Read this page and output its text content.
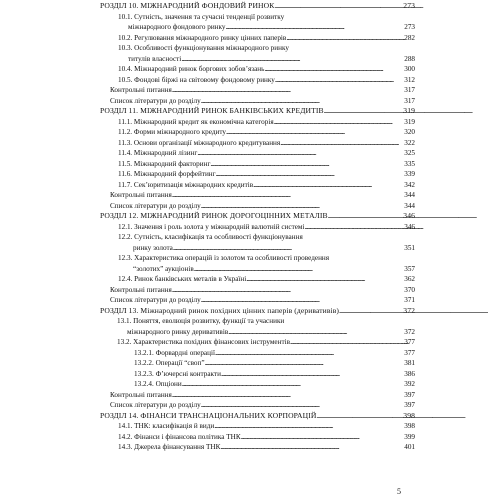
РОЗДІЛ 10. МІЖНАРОДНИЙ ФОНДОВИЙ РИНОК . . .	273
10.1. Сутність, значення та сучасні тенденції розвитку
міжнародного фондового ринку . . .	273
10.2. Регулювання міжнародного ринку цінних паперів . . .	282
10.3. Особливості функціонування міжнародного ринку
титулів власності . . .	288
10.4. Міжнародний ринок боргових зобов’язань . . .	300
10.5. Фондові біржі на світовому фондовому ринку . . .	312
Контрольні питання . . .	317
Список літератури до розділу . . .	317
РОЗДІЛ 11. МІЖНАРОДНИЙ РИНОК БАНКІВСЬКИХ КРЕДИТІВ . . .	319
11.1. Міжнародний кредит як економічна категорія . . .	319
11.2. Форми міжнародного кредиту . . .	320
11.3. Основи організації міжнародного кредитування . . .	322
11.4. Міжнародний лізинг . . .	325
11.5. Міжнародний факторинг . . .	335
11.6. Міжнародний форфейтинг . . .	339
11.7. Сек’юритизація міжнародних кредитів . . .	342
Контрольні питання . . .	344
Список літератури до розділу . . .	344
РОЗДІЛ 12. МІЖНАРОДНИЙ РИНОК ДОРОГОЦІННИХ МЕТАЛІВ . . .	346
12.1. Значення і роль золота у міжнародній валютній системі . . .	346
12.2. Сутність, класифікація та особливості функціонування
ринку золота . . .	351
12.3. Характеристика операцій із золотом та особливості проведення
“золотих” аукціонів . . .	357
12.4. Ринок банківських металів в Україні . . .	362
Контрольні питання . . .	370
Список літератури до розділу . . .	371
РОЗДІЛ 13. Міжнародний ринок похідних цінних паперів (деривативів) . . .	372
13.1. Поняття, еволюція розвитку, функції та учасники
міжнародного ринку деривативів . . .	372
13.2. Характеристика похідних фінансових інструментів . . .	377
13.2.1. Форвардні операції . . .	377
13.2.2. Операції “своп” . . .	381
13.2.3. Ф’ючерсні контракти . . .	386
13.2.4. Опціони . . .	392
Контрольні питання . . .	397
Список літератури до розділу . . .	397
РОЗДІЛ 14. ФІНАНСИ ТРАНСНАЦІОНАЛЬНИХ КОРПОРАЦІЙ . . .	398
14.1. ТНК: класифікація й види . . .	398
14.2. Фінанси і фінансова політика ТНК . . .	399
14.3. Джерела фінансування ТНК . . .	401
5
